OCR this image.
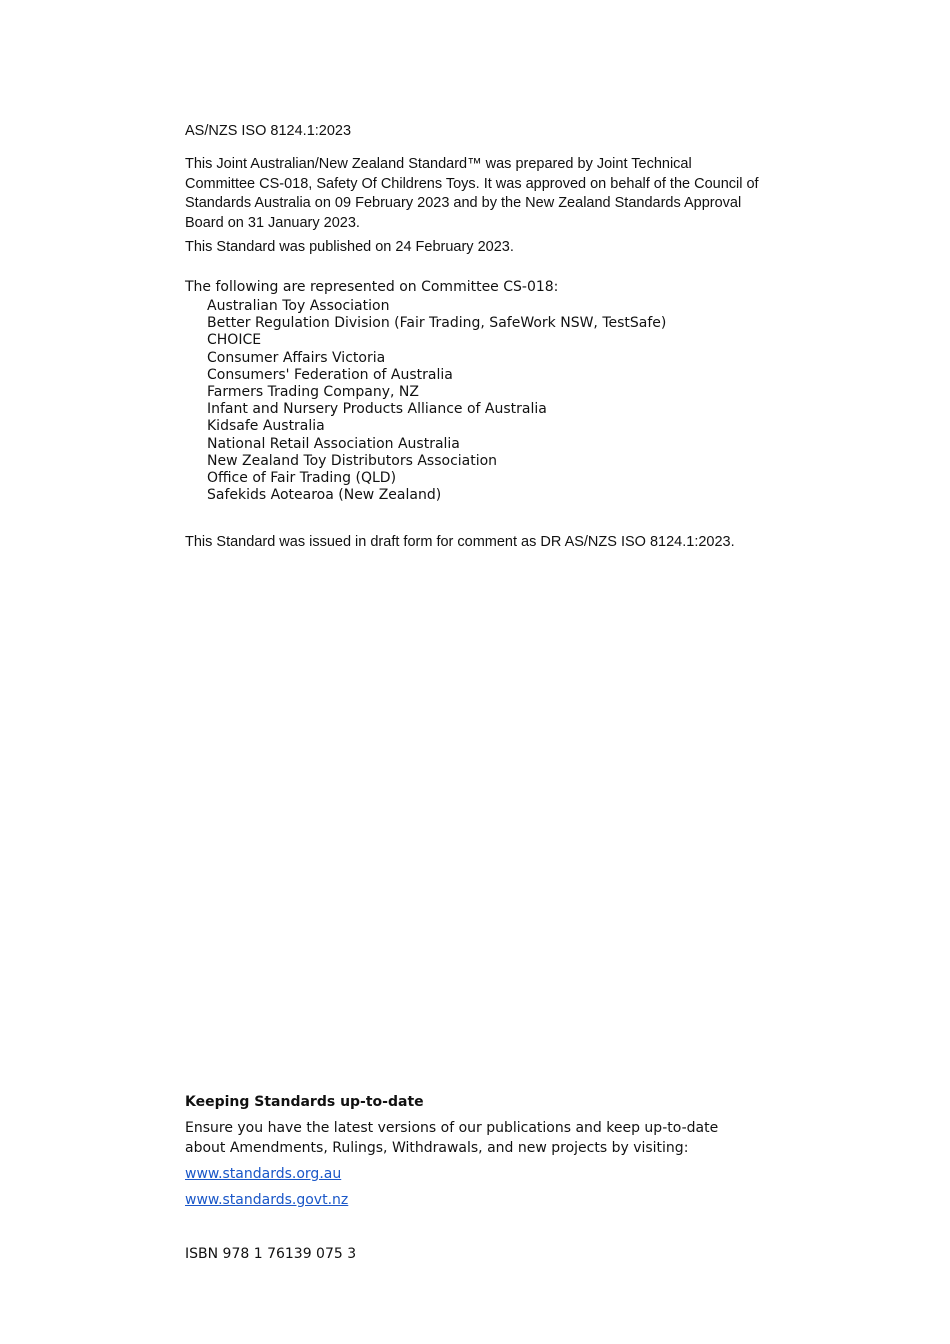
AS/NZS ISO 8124.1:2023

This Joint Australian/New Zealand Standard™ was prepared by Joint Technical Committee CS-018, Safety Of Childrens Toys. It was approved on behalf of the Council of Standards Australia on 09 February 2023 and by the New Zealand Standards Approval Board on 31 January 2023.

This Standard was published on 24 February 2023.

The following are represented on Committee CS-018:

Australian Toy Association
Better Regulation Division (Fair Trading, SafeWork NSW, TestSafe)
CHOICE
Consumer Affairs Victoria
Consumers' Federation of Australia
Farmers Trading Company, NZ
Infant and Nursery Products Alliance of Australia
Kidsafe Australia
National Retail Association Australia
New Zealand Toy Distributors Association
Office of Fair Trading (QLD)
Safekids Aotearoa (New Zealand)

This Standard was issued in draft form for comment as DR AS/NZS ISO 8124.1:2023.

Keeping Standards up-to-date

Ensure you have the latest versions of our publications and keep up-to-date about Amendments, Rulings, Withdrawals, and new projects by visiting:

www.standards.org.au
www.standards.govt.nz

ISBN 978 1 76139 075 3
